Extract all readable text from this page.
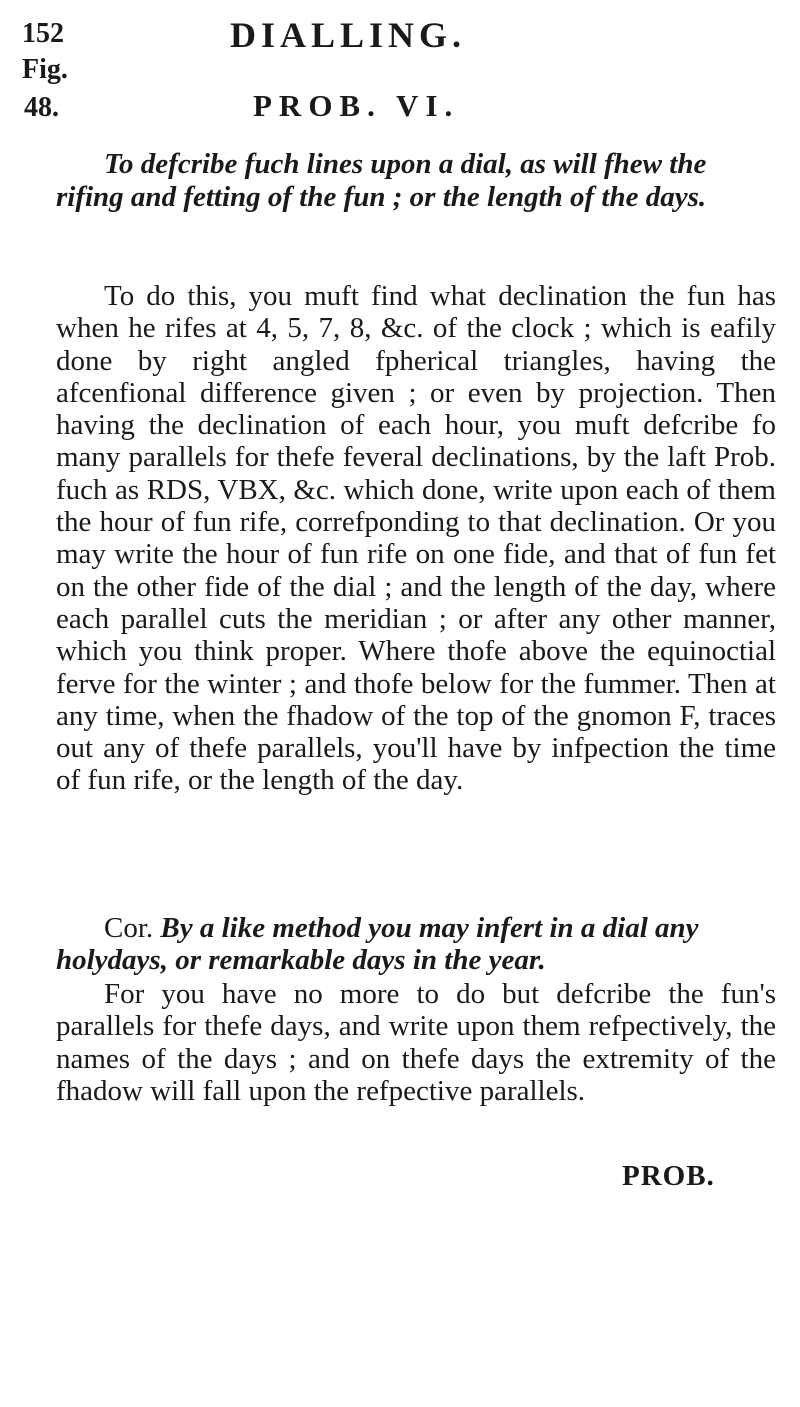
152	DIALLING.
Fig.
48.	PROB. VI.

To defcribe fuch lines upon a dial, as will fhew the rifing and fetting of the fun ; or the length of the days.

To do this, you muft find what declination the fun has when he rifes at 4, 5, 7, 8, &c. of the clock ; which is eafily done by right angled fpherical triangles, having the afcenfional difference given ; or even by projection. Then having the declination of each hour, you muft defcribe fo many parallels for thefe feveral declinations, by the laft Prob. fuch as RDS, VBX, &c. which done, write upon each of them the hour of fun rife, correfponding to that declination. Or you may write the hour of fun rife on one fide, and that of fun fet on the other fide of the dial ; and the length of the day, where each parallel cuts the meridian ; or after any other manner, which you think proper. Where thofe above the equinoctial ferve for the winter ; and thofe below for the fummer. Then at any time, when the fhadow of the top of the gnomon F, traces out any of thefe parallels, you'll have by infpection the time of fun rife, or the length of the day.

Cor. By a like method you may infert in a dial any holydays, or remarkable days in the year.

For you have no more to do but defcribe the fun's parallels for thefe days, and write upon them refpectively, the names of the days ; and on thefe days the extremity of the fhadow will fall upon the refpective parallels.

PROB.
